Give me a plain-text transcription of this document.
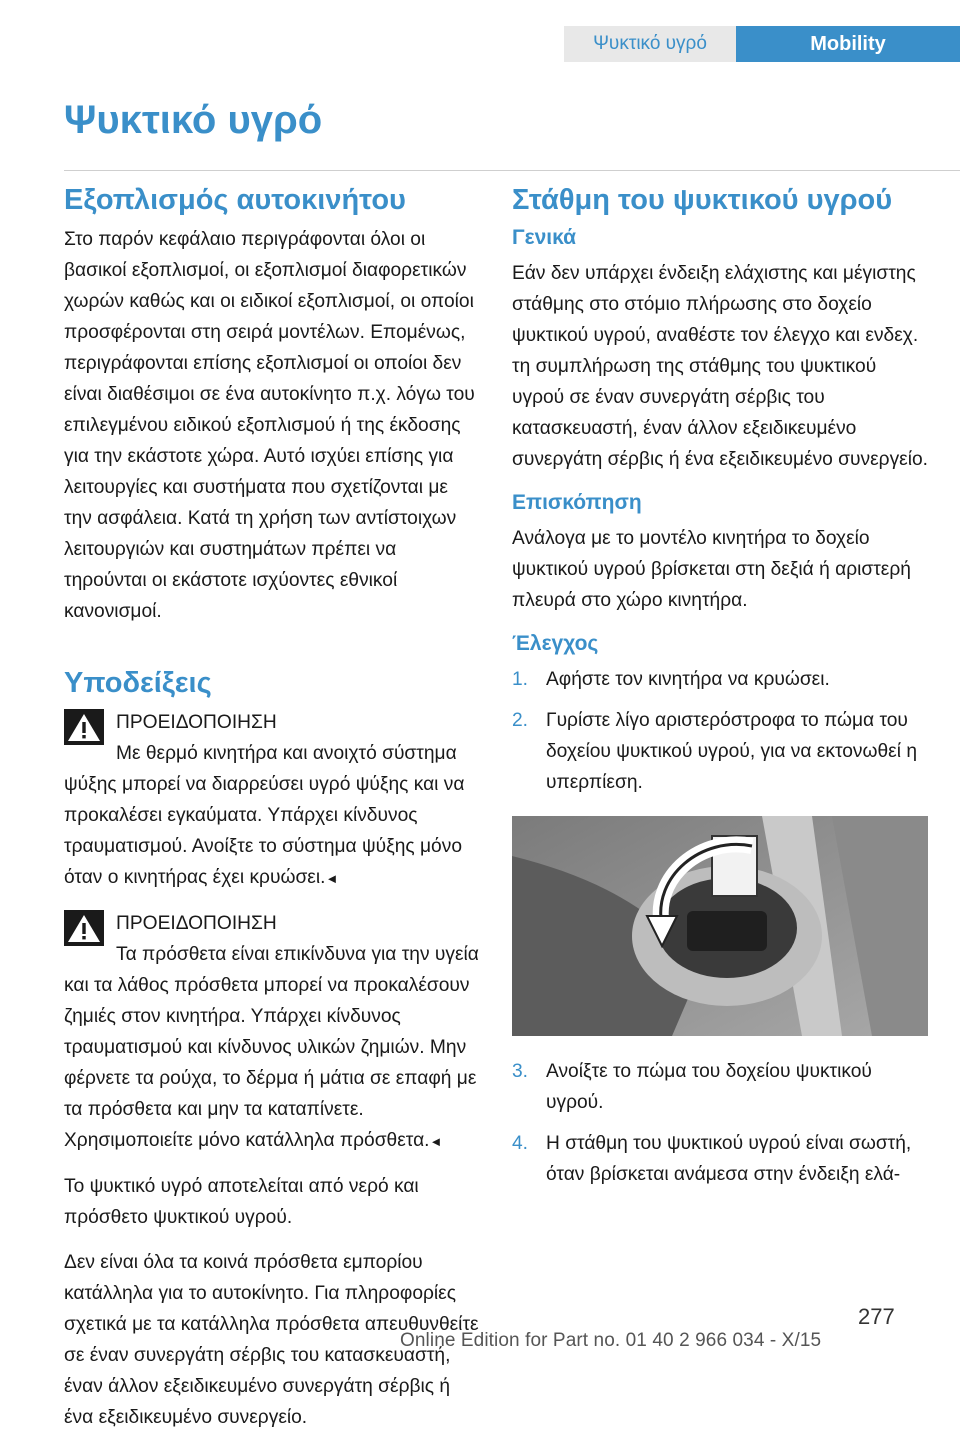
Ψυκτικό υγρό	Mobility
Ψυκτικό υγρό
Εξοπλισμός αυτοκινήτου

Στο παρόν κεφάλαιο περιγράφονται όλοι οι βασικοί εξοπλισμοί, οι εξοπλισμοί διαφορετικών χωρών καθώς και οι ειδικοί εξοπλισμοί, οι οποίοι προσφέρονται στη σειρά μοντέλων. Επομένως, περιγράφονται επίσης εξοπλισμοί οι οποίοι δεν είναι διαθέσιμοι σε ένα αυτοκίνητο π.χ. λόγω του επιλεγμένου ειδικού εξοπλισμού ή της έκδοσης για την εκάστοτε χώρα. Αυτό ισχύει επίσης για λειτουργίες και συστήματα που σχετίζονται με την ασφάλεια. Κατά τη χρήση των αντίστοιχων λειτουργιών και συστημάτων πρέπει να τηρούνται οι εκάστοτε ισχύοντες εθνικοί κανονισμοί.

Υποδείξεις
ΠΡΟΕΙΔΟΠΟΙΗΣΗ
Με θερμό κινητήρα και ανοιχτό σύστημα ψύξης μπορεί να διαρρεύσει υγρό ψύξης και να προκαλέσει εγκαύματα. Υπάρχει κίνδυνος τραυματισμού. Ανοίξτε το σύστημα ψύξης μόνο όταν ο κινητήρας έχει κρυώσει.◄
ΠΡΟΕΙΔΟΠΟΙΗΣΗ
Τα πρόσθετα είναι επικίνδυνα για την υγεία και τα λάθος πρόσθετα μπορεί να προκαλέσουν ζημιές στον κινητήρα. Υπάρχει κίνδυνος τραυματισμού και κίνδυνος υλικών ζημιών. Μην φέρνετε τα ρούχα, το δέρμα ή μάτια σε επαφή με τα πρόσθετα και μην τα καταπίνετε. Χρησιμοποιείτε μόνο κατάλληλα πρόσθετα.◄

Το ψυκτικό υγρό αποτελείται από νερό και πρόσθετο ψυκτικού υγρού.

Δεν είναι όλα τα κοινά πρόσθετα εμπορίου κατάλληλα για το αυτοκίνητο. Για πληροφορίες σχετικά με τα κατάλληλα πρόσθετα απευθυνθείτε σε έναν συνεργάτη σέρβις του κατασκευαστή, έναν άλλον εξειδικευμένο συνεργάτη σέρβις ή ένα εξειδικευμένο συνεργείο.

Στάθμη του ψυκτικού υγρού
Γενικά

Εάν δεν υπάρχει ένδειξη ελάχιστης και μέγιστης στάθμης στο στόμιο πλήρωσης στο δοχείο ψυκτικού υγρού, αναθέστε τον έλεγχο και ενδεχ. τη συμπλήρωση της στάθμης του ψυκτικού υγρού σε έναν συνεργάτη σέρβις του κατασκευαστή, έναν άλλον εξειδικευμένο συνεργάτη σέρβις ή ένα εξειδικευμένο συνεργείο.

Επισκόπηση

Ανάλογα με το μοντέλο κινητήρα το δοχείο ψυκτικού υγρού βρίσκεται στη δεξιά ή αριστερή πλευρά στο χώρο κινητήρα.

Έλεγχος
1. Αφήστε τον κινητήρα να κρυώσει.
2. Γυρίστε λίγο αριστερόστροφα το πώμα του δοχείου ψυκτικού υγρού, για να εκτονωθεί η υπερπίεση.
3. Ανοίξτε το πώμα του δοχείου ψυκτικού υγρού.
4. Η στάθμη του ψυκτικού υγρού είναι σωστή, όταν βρίσκεται ανάμεσα στην ένδειξη ελά-
277
Online Edition for Part no. 01 40 2 966 034 - X/15
